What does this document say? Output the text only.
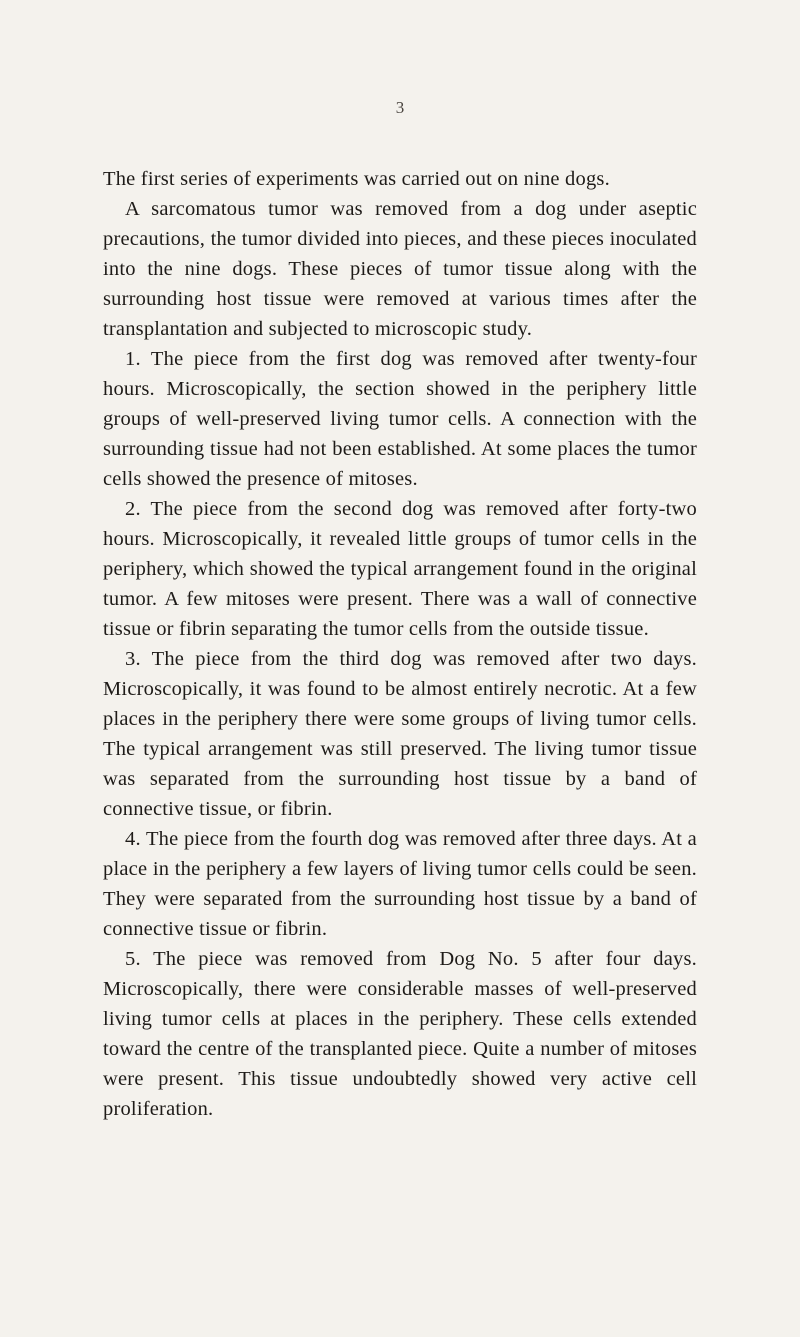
3

The first series of experiments was carried out on nine dogs.

A sarcomatous tumor was removed from a dog under aseptic precautions, the tumor divided into pieces, and these pieces inoculated into the nine dogs. These pieces of tumor tissue along with the surrounding host tissue were removed at various times after the transplantation and subjected to microscopic study.

1. The piece from the first dog was removed after twenty-four hours. Microscopically, the section showed in the periphery little groups of well-preserved living tumor cells. A connection with the surrounding tissue had not been established. At some places the tumor cells showed the presence of mitoses.

2. The piece from the second dog was removed after forty-two hours. Microscopically, it revealed little groups of tumor cells in the periphery, which showed the typical arrangement found in the original tumor. A few mitoses were present. There was a wall of connective tissue or fibrin separating the tumor cells from the outside tissue.

3. The piece from the third dog was removed after two days. Microscopically, it was found to be almost entirely necrotic. At a few places in the periphery there were some groups of living tumor cells. The typical arrangement was still preserved. The living tumor tissue was separated from the surrounding host tissue by a band of connective tissue, or fibrin.

4. The piece from the fourth dog was removed after three days. At a place in the periphery a few layers of living tumor cells could be seen. They were separated from the surrounding host tissue by a band of connective tissue or fibrin.

5. The piece was removed from Dog No. 5 after four days. Microscopically, there were considerable masses of well-preserved living tumor cells at places in the periphery. These cells extended toward the centre of the transplanted piece. Quite a number of mitoses were present. This tissue undoubtedly showed very active cell proliferation.
